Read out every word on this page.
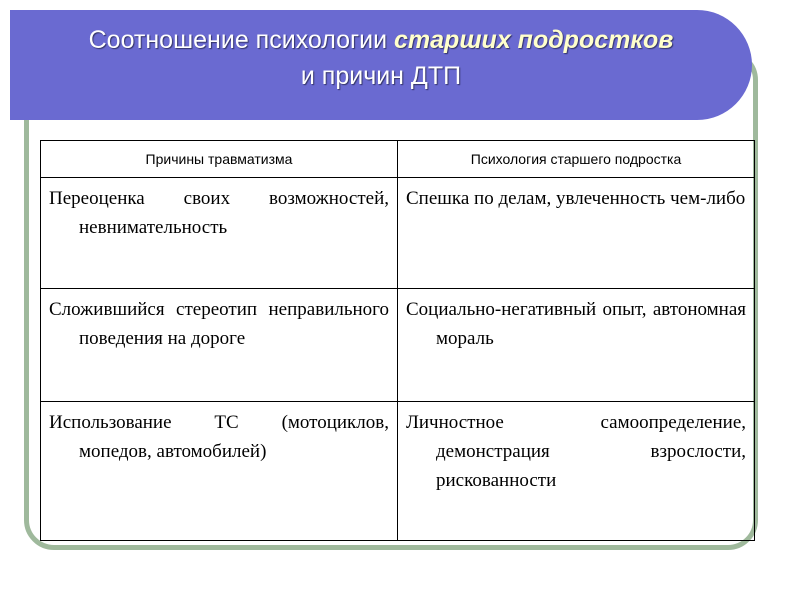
Соотношение психологии старших подростков
и причин ДТП
Причины травматизма	Психология старшего подростка

Переоценка своих возможностей, невнимательность	Спешка по делам, увлеченность чем-либо

Сложившийся стереотип неправильного поведения на дороге	Социально-негативный опыт, автономная мораль

Использование ТС (мотоциклов, мопедов, автомобилей)	Личностное самоопределение, демонстрация взрослости, рискованности
